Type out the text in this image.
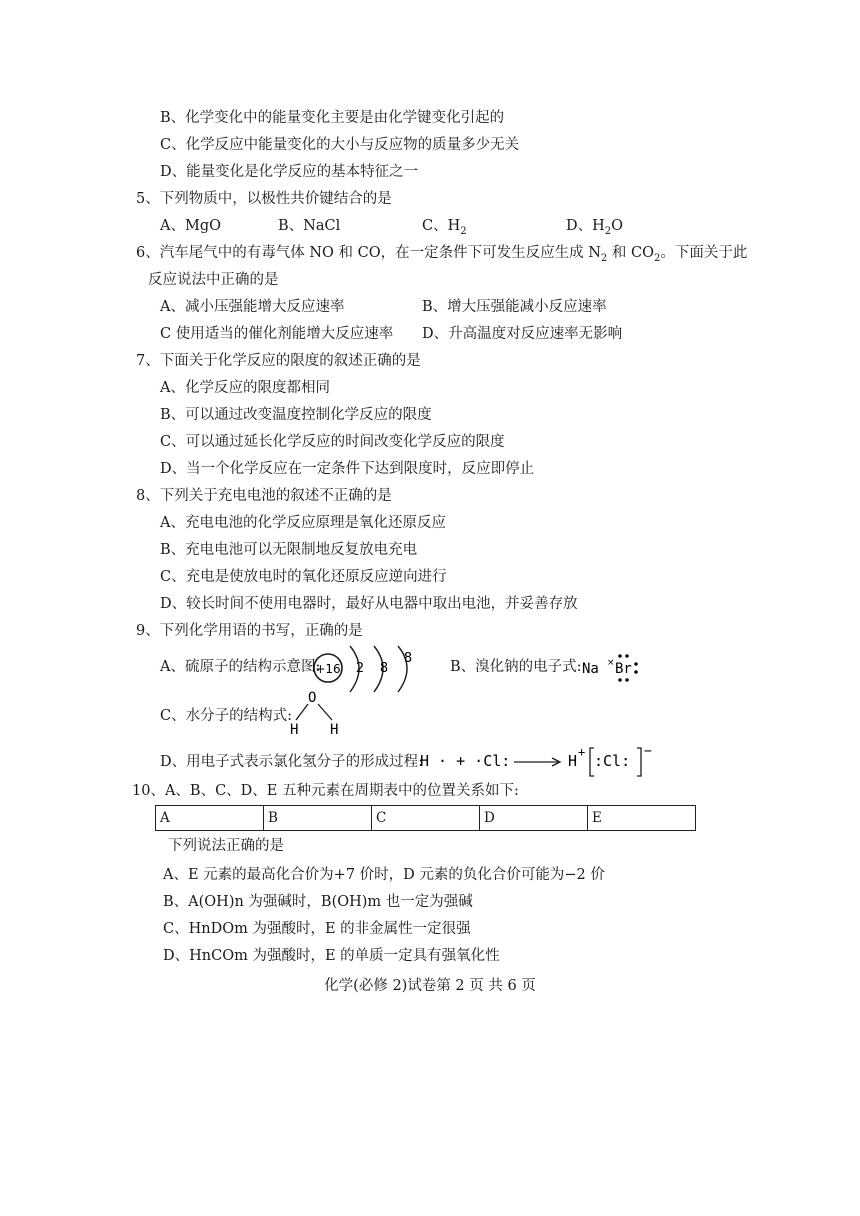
B、化学变化中的能量变化主要是由化学键变化引起的
C、化学反应中能量变化的大小与反应物的质量多少无关
D、能量变化是化学反应的基本特征之一
5、下列物质中，以极性共价键结合的是
A、MgO	B、NaCl	C、$H_2$	D、$H_2O$
6、汽车尾气中的有毒气体 NO 和 CO，在一定条件下可发生反应生成 $N_2$ 和 $CO_2$。下面关于此
反应说法中正确的是
A、减小压强能增大反应速率	B、增大压强能减小反应速率
C 使用适当的催化剂能增大反应速率 D、升高温度对反应速率无影响
7、下面关于化学反应的限度的叙述正确的是
A、化学反应的限度都相同
B、可以通过改变温度控制化学反应的限度
C、可以通过延长化学反应的时间改变化学反应的限度
D、当一个化学反应在一定条件下达到限度时，反应即停止
8、下列关于充电电池的叙述不正确的是
A、充电电池的化学反应原理是氧化还原反应
B、充电电池可以无限制地反复放电充电
C、充电是使放电时的氧化还原反应逆向进行
D、较长时间不使用电器时，最好从电器中取出电池，并妥善存放
9、下列化学用语的书写，正确的是
A、硫原子的结构示意图:
+16 2 8
8
B、溴化钠的电子式: Na × Br
C、水分子的结构式:
O
H H
D、用电子式表示氯化氢分子的形成过程:
H · + ·Cl:	H + :Cl:
−
10、A、B、C、D、E 五种元素在周期表中的位置关系如下:
A	B	C	D	E
下列说法正确的是
A、E 元素的最高化合价为+7 价时，D 元素的负化合价可能为−2 价
B、A(OH)n 为强碱时，B(OH)m 也一定为强碱
C、HnDOm 为强酸时，E 的非金属性一定很强
D、HnCOm 为强酸时，E 的单质一定具有强氧化性
化学(必修 2)试卷第 2 页 共 6 页
